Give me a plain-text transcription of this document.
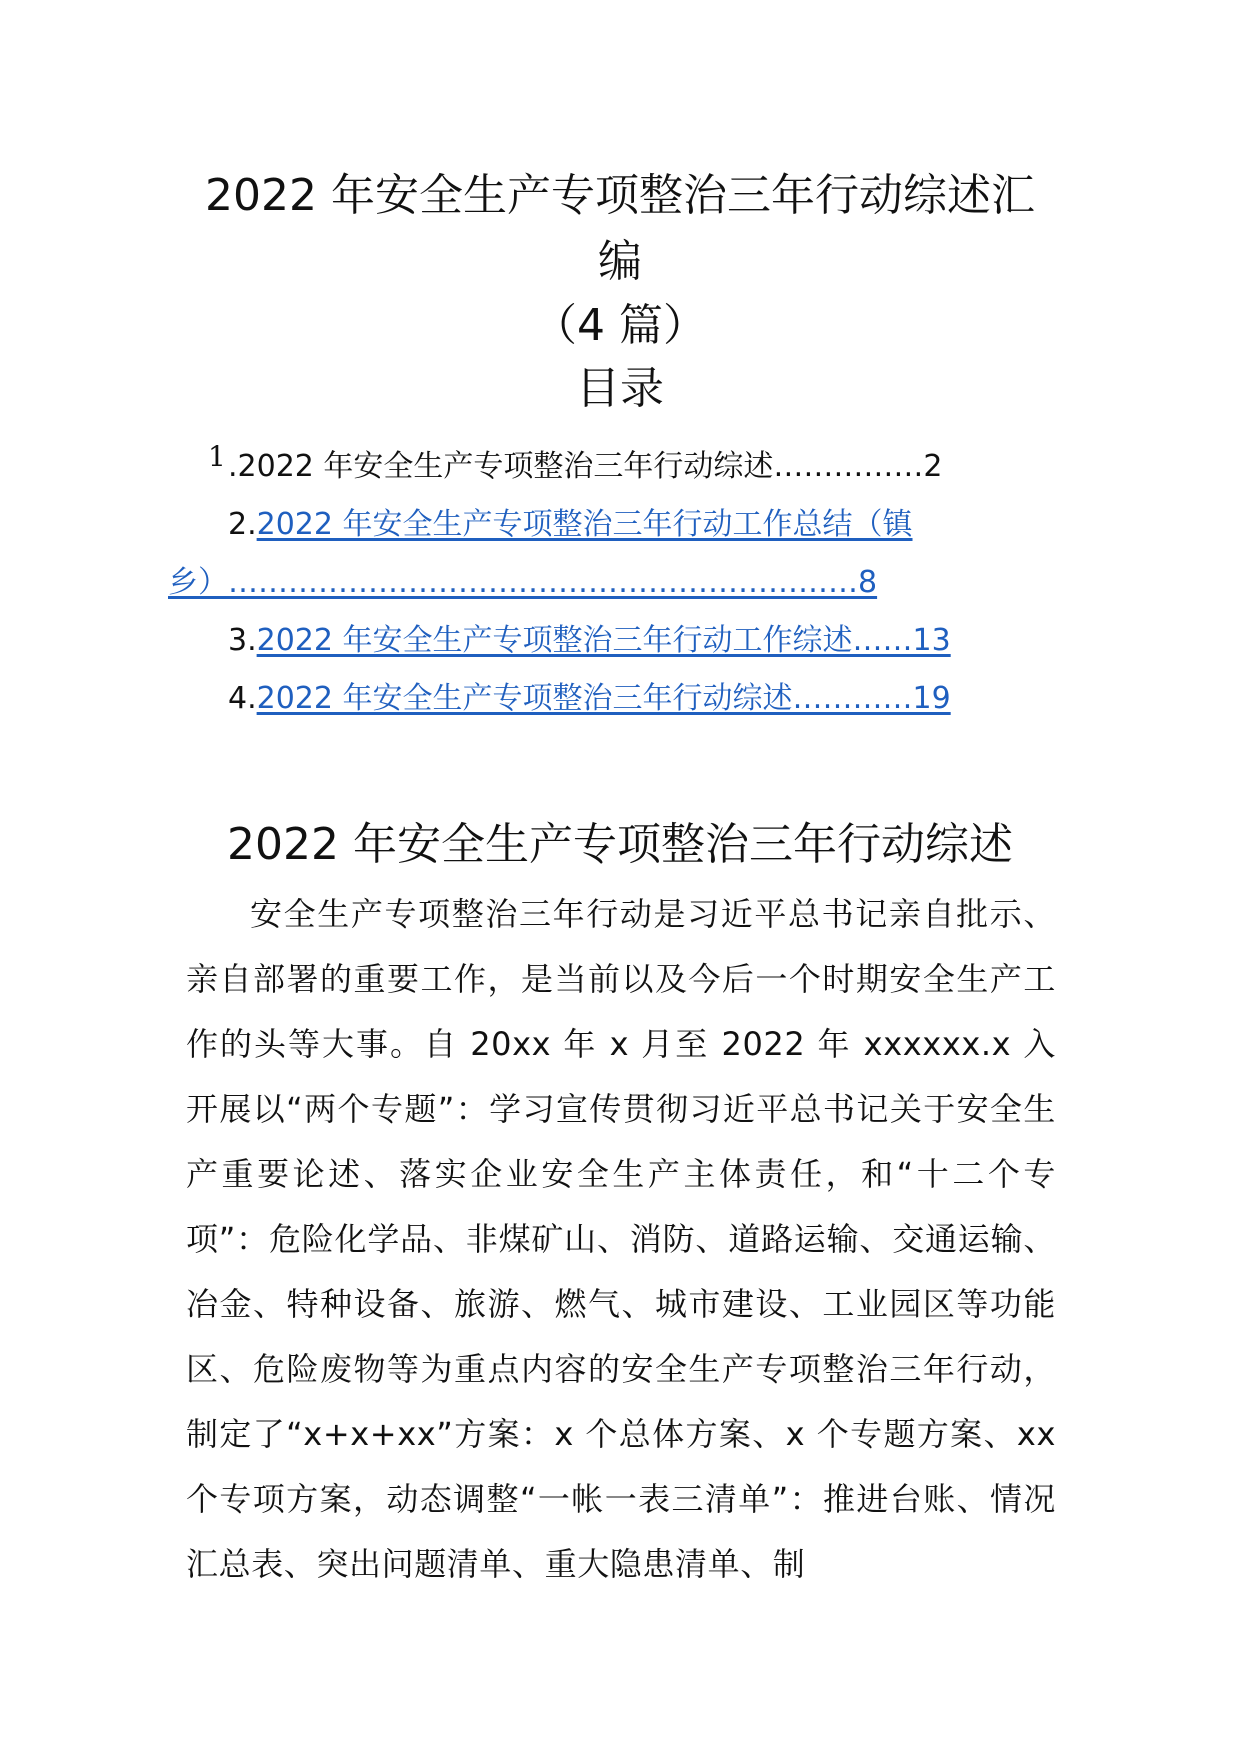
2022 年安全生产专项整治三年行动综述汇
编
（4 篇）
目录
1 .2022 年安全生产专项整治三年行动综述……………2
2.2022 年安全生产专项整治三年行动工作总结（镇
乡）………………………………………………………8
3.2022 年安全生产专项整治三年行动工作综述……13
4.2022 年安全生产专项整治三年行动综述…………19
2022 年安全生产专项整治三年行动综述

安全生产专项整治三年行动是习近平总书记亲自批示、亲自部署的重要工作，是当前以及今后一个时期安全生产工作的头等大事。自 20xx 年 x 月至 2022 年 xxxxxx.x 入开展以“两个专题”：学习宣传贯彻习近平总书记关于安全生产重要论述、落实企业安全生产主体责任，和“十二个专项”：危险化学品、非煤矿山、消防、道路运输、交通运输、冶金、特种设备、旅游、燃气、城市建设、工业园区等功能区、危险废物等为重点内容的安全生产专项整治三年行动，制定了“x+x+xx”方案：x 个总体方案、x 个专题方案、xx 个专项方案，动态调整“一帐一表三清单”：推进台账、情况汇总表、突出问题清单、重大隐患清单、制
